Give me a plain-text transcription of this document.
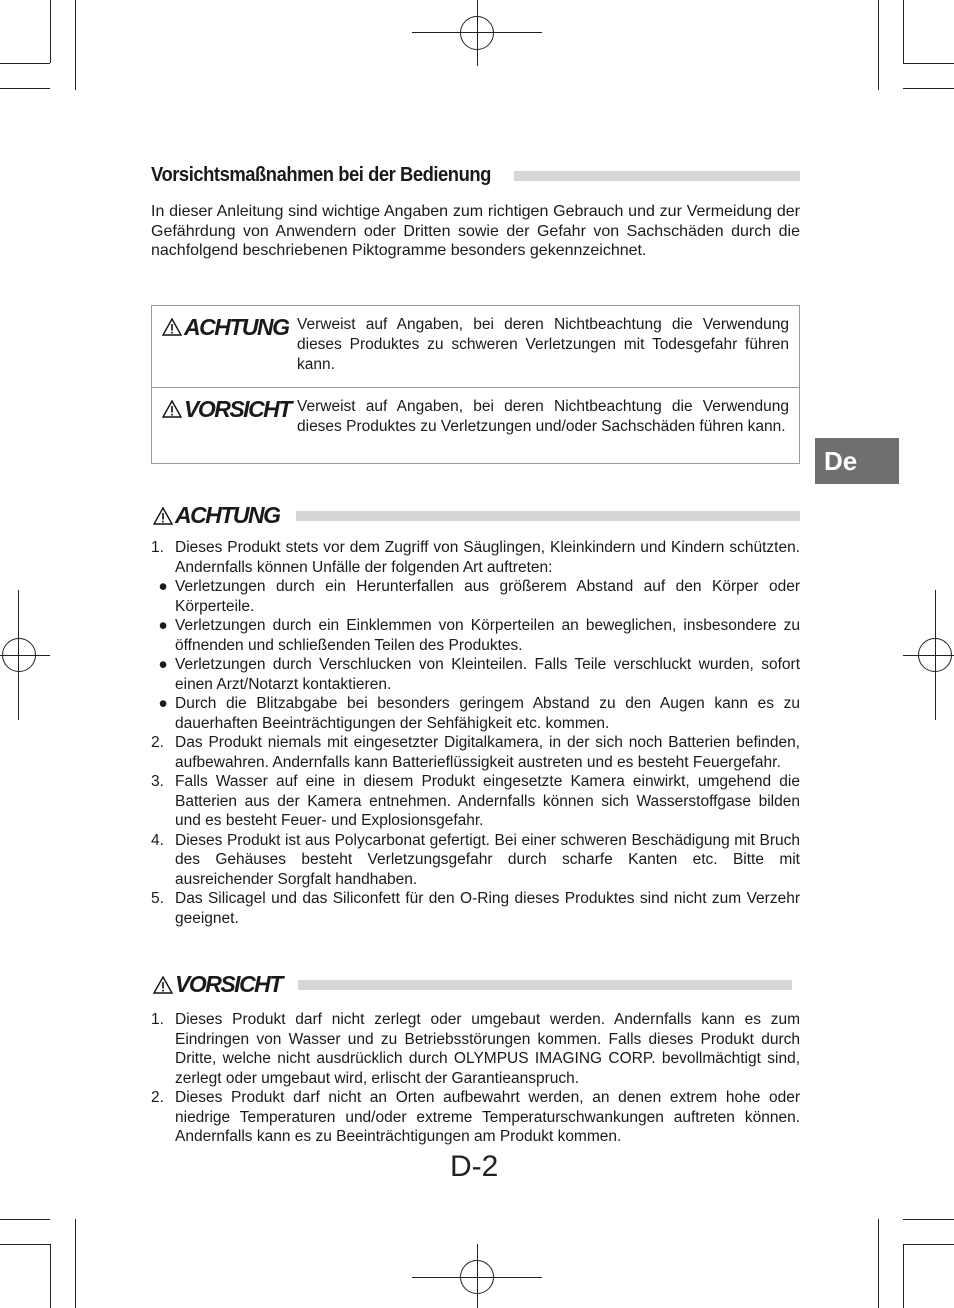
Vorsichtsmaßnahmen bei der Bedienung
In dieser Anleitung sind wichtige Angaben zum richtigen Gebrauch und zur Vermeidung der Gefährdung von Anwendern oder Dritten sowie der Gefahr von Sachschäden durch die nachfolgend beschriebenen Piktogramme besonders gekennzeichnet.
ACHTUNG Verweist auf Angaben, bei deren Nichtbeachtung die Verwendung dieses Produktes zu schweren Verletzungen mit Todesgefahr führen kann.
VORSICHT Verweist auf Angaben, bei deren Nichtbeachtung die Verwendung dieses Produktes zu Verletzungen und/oder Sachschäden führen kann.
ACHTUNG
1. Dieses Produkt stets vor dem Zugriff von Säuglingen, Kleinkindern und Kindern schützten. Andernfalls können Unfälle der folgenden Art auftreten:
● Verletzungen durch ein Herunterfallen aus größerem Abstand auf den Körper oder Körperteile.
● Verletzungen durch ein Einklemmen von Körperteilen an beweglichen, insbesondere zu öffnenden und schließenden Teilen des Produktes.
● Verletzungen durch Verschlucken von Kleinteilen. Falls Teile verschluckt wurden, sofort einen Arzt/Notarzt kontaktieren.
● Durch die Blitzabgabe bei besonders geringem Abstand zu den Augen kann es zu dauerhaften Beeinträchtigungen der Sehfähigkeit etc. kommen.
2. Das Produkt niemals mit eingesetzter Digitalkamera, in der sich noch Batterien befinden, aufbewahren. Andernfalls kann Batterieflüssigkeit austreten und es besteht Feuergefahr.
3. Falls Wasser auf eine in diesem Produkt eingesetzte Kamera einwirkt, umgehend die Batterien aus der Kamera entnehmen. Andernfalls können sich Wasserstoffgase bilden und es besteht Feuer- und Explosionsgefahr.
4. Dieses Produkt ist aus Polycarbonat gefertigt. Bei einer schweren Beschädigung mit Bruch des Gehäuses besteht Verletzungsgefahr durch scharfe Kanten etc. Bitte mit ausreichender Sorgfalt handhaben.
5. Das Silicagel und das Siliconfett für den O-Ring dieses Produktes sind nicht zum Verzehr geeignet.
VORSICHT
1. Dieses Produkt darf nicht zerlegt oder umgebaut werden. Andernfalls kann es zum Eindringen von Wasser und zu Betriebsstörungen kommen. Falls dieses Produkt durch Dritte, welche nicht ausdrücklich durch OLYMPUS IMAGING CORP. bevollmächtigt sind, zerlegt oder umgebaut wird, erlischt der Garantieanspruch.
2. Dieses Produkt darf nicht an Orten aufbewahrt werden, an denen extrem hohe oder niedrige Temperaturen und/oder extreme Temperaturschwankungen auftreten können. Andernfalls kann es zu Beeinträchtigungen am Produkt kommen.
De
D-2
